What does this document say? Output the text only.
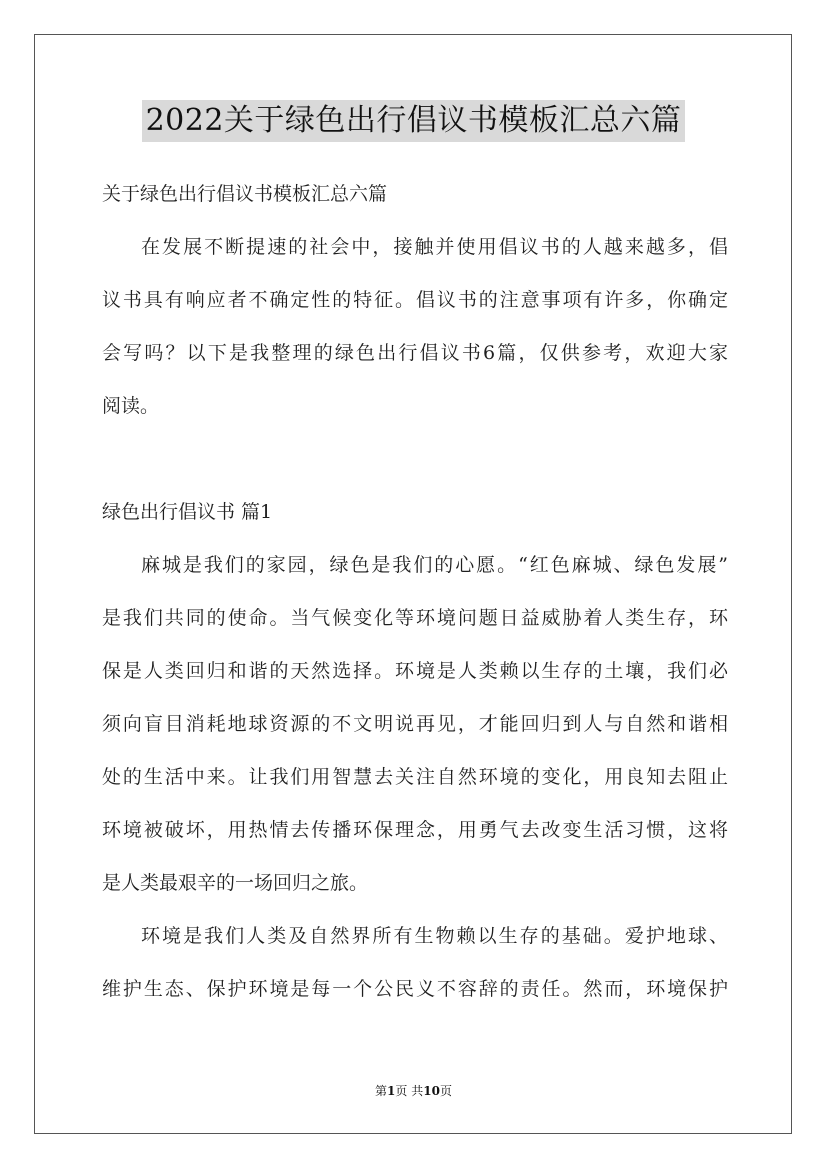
2022关于绿色出行倡议书模板汇总六篇
关于绿色出行倡议书模板汇总六篇
在发展不断提速的社会中，接触并使用倡议书的人越来越多，倡
议书具有响应者不确定性的特征。倡议书的注意事项有许多，你确定
会写吗？以下是我整理的绿色出行倡议书6篇，仅供参考，欢迎大家
阅读。
绿色出行倡议书 篇1
麻城是我们的家园，绿色是我们的心愿。“红色麻城、绿色发展”
是我们共同的使命。当气候变化等环境问题日益威胁着人类生存，环
保是人类回归和谐的天然选择。环境是人类赖以生存的土壤，我们必
须向盲目消耗地球资源的不文明说再见，才能回归到人与自然和谐相
处的生活中来。让我们用智慧去关注自然环境的变化，用良知去阻止
环境被破坏，用热情去传播环保理念，用勇气去改变生活习惯，这将
是人类最艰辛的一场回归之旅。
环境是我们人类及自然界所有生物赖以生存的基础。爱护地球、
维护生态、保护环境是每一个公民义不容辞的责任。然而，环境保护
第1页 共10页
